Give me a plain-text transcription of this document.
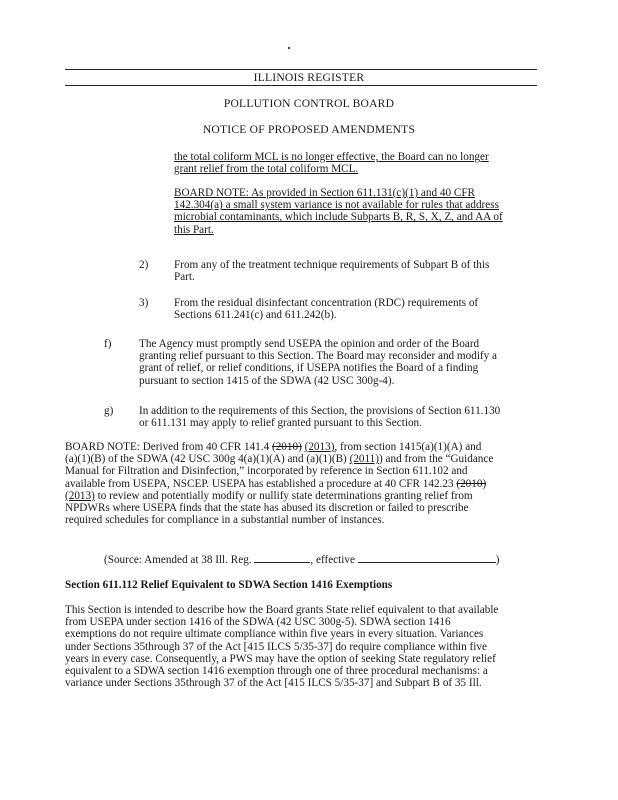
ILLINOIS REGISTER
POLLUTION CONTROL BOARD
NOTICE OF PROPOSED AMENDMENTS

the total coliform MCL is no longer effective, the Board can no longer
grant relief from the total coliform MCL.

BOARD NOTE: As provided in Section 611.131(c)(1) and 40 CFR
142.304(a) a small system variance is not available for rules that address
microbial contaminants, which include Subparts B, R, S, X, Z, and AA of
this Part.

2) From any of the treatment technique requirements of Subpart B of this
Part.

3) From the residual disinfectant concentration (RDC) requirements of
Sections 611.241(c) and 611.242(b).

f) The Agency must promptly send USEPA the opinion and order of the Board
granting relief pursuant to this Section. The Board may reconsider and modify a
grant of relief, or relief conditions, if USEPA notifies the Board of a finding
pursuant to section 1415 of the SDWA (42 USC 300g-4).

g) In addition to the requirements of this Section, the provisions of Section 611.130
or 611.131 may apply to relief granted pursuant to this Section.

BOARD NOTE: Derived from 40 CFR 141.4 (2010) (2013), from section 1415(a)(1)(A) and
(a)(1)(B) of the SDWA (42 USC 300g 4(a)(1)(A) and (a)(1)(B) (2011)) and from the “Guidance
Manual for Filtration and Disinfection,” incorporated by reference in Section 611.102 and
available from USEPA, NSCEP. USEPA has established a procedure at 40 CFR 142.23 (2010)
(2013) to review and potentially modify or nullify state determinations granting relief from
NPDWRs where USEPA finds that the state has abused its discretion or failed to prescribe
required schedules for compliance in a substantial number of instances.

(Source: Amended at 38 Ill. Reg.	, effective	)

Section 611.112 Relief Equivalent to SDWA Section 1416 Exemptions

This Section is intended to describe how the Board grants State relief equivalent to that available
from USEPA under section 1416 of the SDWA (42 USC 300g-5). SDWA section 1416
exemptions do not require ultimate compliance within five years in every situation. Variances
under Sections 35through 37 of the Act [415 ILCS 5/35-37] do require compliance within five
years in every case. Consequently, a PWS may have the option of seeking State regulatory relief
equivalent to a SDWA section 1416 exemption through one of three procedural mechanisms: a
variance under Sections 35through 37 of the Act [415 ILCS 5/35-37] and Subpart B of 35 Ill.
